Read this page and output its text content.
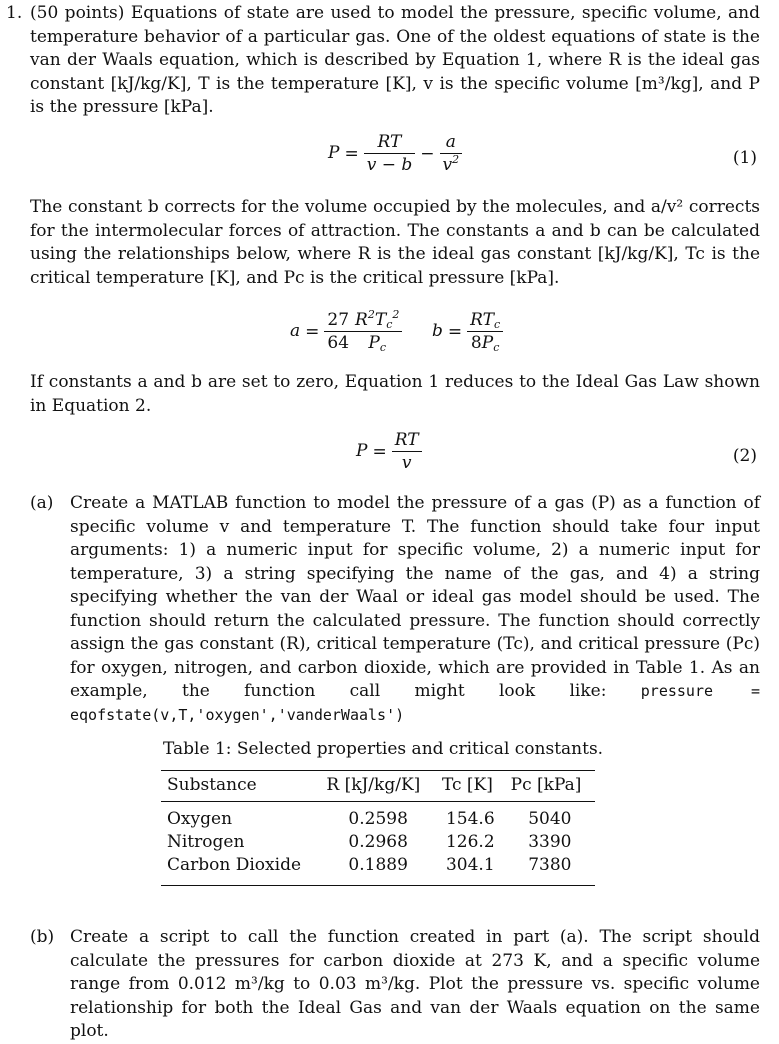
1. (50 points) Equations of state are used to model the pressure, specific volume, and temperature behavior of a particular gas. One of the oldest equations of state is the van der Waals equation, which is described by Equation 1, where R is the ideal gas constant [kJ/kg/K], T is the temperature [K], v is the specific volume [m³/kg], and P is the pressure [kPa].

$P = \frac{RT}{v - b} - \frac{a}{v^2}$	(1)

The constant b corrects for the volume occupied by the molecules, and a/v² corrects for the intermolecular forces of attraction. The constants a and b can be calculated using the relationships below, where R is the ideal gas constant [kJ/kg/K], Tc is the critical temperature [K], and Pc is the critical pressure [kPa].

$a = \frac{27}{64} \frac{R^2T_c^2}{P_c}$ $b = \frac{RT_c}{8P_c}$

If constants a and b are set to zero, Equation 1 reduces to the Ideal Gas Law shown in Equation 2.

$P = \frac{RT}{v}$	(2)
(a) Create a MATLAB function to model the pressure of a gas (P) as a function of specific volume v and temperature T. The function should take four input arguments: 1) a numeric input for specific volume, 2) a numeric input for temperature, 3) a string specifying the name of the gas, and 4) a string specifying whether the van der Waal or ideal gas model should be used. The function should return the calculated pressure. The function should correctly assign the gas constant (R), critical temperature (Tc), and critical pressure (Pc) for oxygen, nitrogen, and carbon dioxide, which are provided in Table 1. As an example, the function call might look like: pressure = eqofstate(v,T,'oxygen','vanderWaals')

Table 1: Selected properties and critical constants.
Substance	R [kJ/kg/K]	Tc [K]	Pc [kPa]
Oxygen	0.2598	154.6	5040
Nitrogen	0.2968	126.2	3390
Carbon Dioxide	0.1889	304.1	7380
(b) Create a script to call the function created in part (a). The script should calculate the pressures for carbon dioxide at 273 K, and a specific volume range from 0.012 m³/kg to 0.03 m³/kg. Plot the pressure vs. specific volume relationship for both the Ideal Gas and van der Waals equation on the same plot.
